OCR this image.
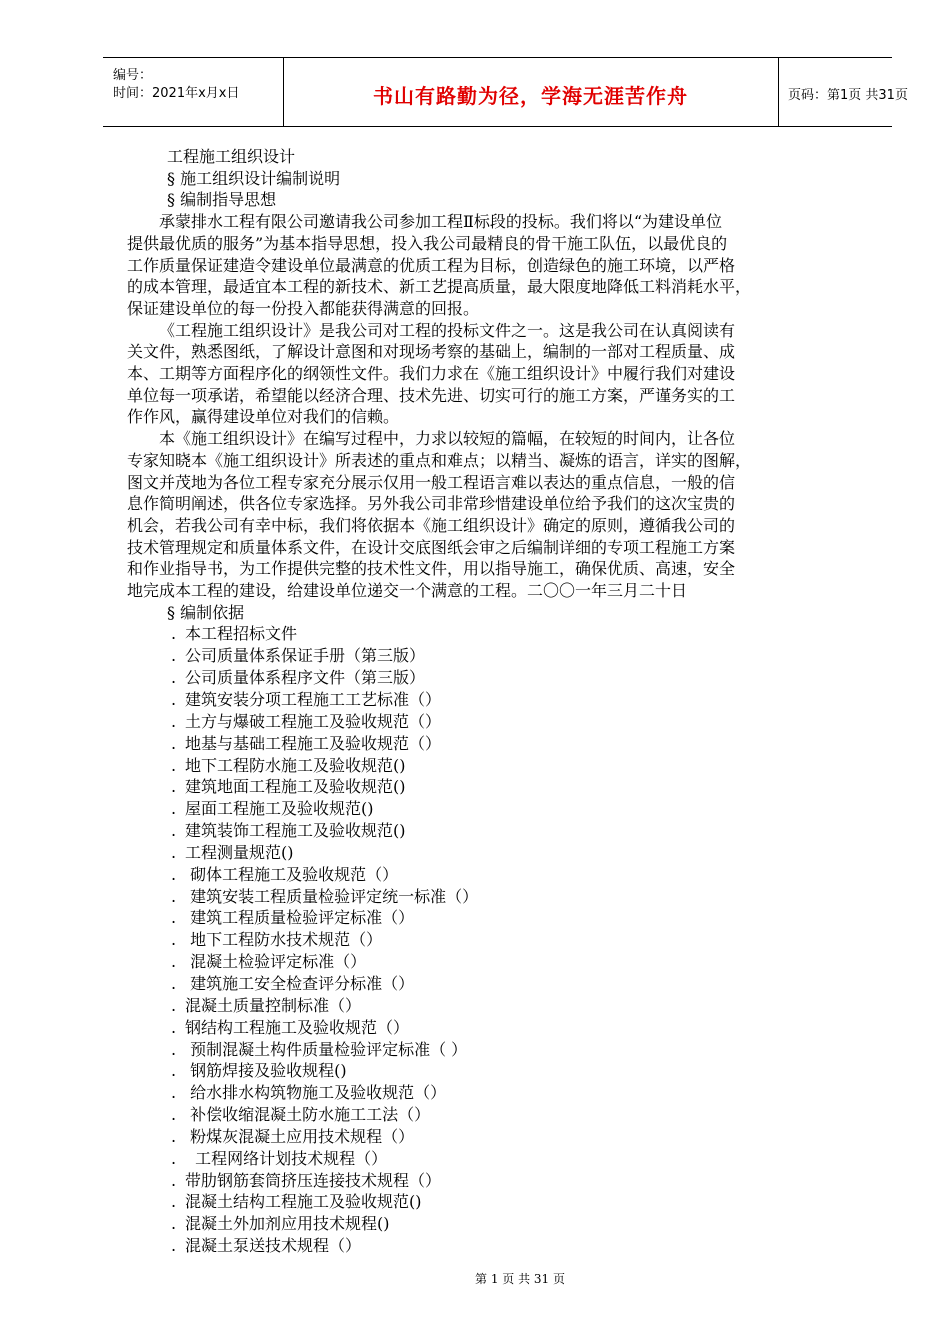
编号：
时间：2021年x月x日	书山有路勤为径，学海无涯苦作舟	页码：第1页 共31页
工程施工组织设计
§ 施工组织设计编制说明
§ 编制指导思想
承蒙排水工程有限公司邀请我公司参加工程Ⅱ标段的投标。我们将以“为建设单位
提供最优质的服务”为基本指导思想，投入我公司最精良的骨干施工队伍，以最优良的
工作质量保证建造令建设单位最满意的优质工程为目标，创造绿色的施工环境，以严格
的成本管理，最适宜本工程的新技术、新工艺提高质量，最大限度地降低工料消耗水平，
保证建设单位的每一份投入都能获得满意的回报。
《工程施工组织设计》是我公司对工程的投标文件之一。这是我公司在认真阅读有
关文件，熟悉图纸，了解设计意图和对现场考察的基础上，编制的一部对工程质量、成
本、工期等方面程序化的纲领性文件。我们力求在《施工组织设计》中履行我们对建设
单位每一项承诺，希望能以经济合理、技术先进、切实可行的施工方案，严谨务实的工
作作风，赢得建设单位对我们的信赖。
本《施工组织设计》在编写过程中，力求以较短的篇幅，在较短的时间内，让各位
专家知晓本《施工组织设计》所表述的重点和难点；以精当、凝炼的语言，详实的图解，
图文并茂地为各位工程专家充分展示仅用一般工程语言难以表达的重点信息，一般的信
息作简明阐述，供各位专家选择。另外我公司非常珍惜建设单位给予我们的这次宝贵的
机会，若我公司有幸中标，我们将依据本《施工组织设计》确定的原则，遵循我公司的
技术管理规定和质量体系文件，在设计交底图纸会审之后编制详细的专项工程施工方案
和作业指导书，为工作提供完整的技术性文件，用以指导施工，确保优质、高速，安全
地完成本工程的建设，给建设单位递交一个满意的工程。二〇〇一年三月二十日
§ 编制依据
. 本工程招标文件
. 公司质量体系保证手册（第三版）
. 公司质量体系程序文件（第三版）
. 建筑安装分项工程施工工艺标准（）
. 土方与爆破工程施工及验收规范（）
. 地基与基础工程施工及验收规范（）
. 地下工程防水施工及验收规范()
. 建筑地面工程施工及验收规范()
. 屋面工程施工及验收规范()
. 建筑装饰工程施工及验收规范()
. 工程测量规范()
. 砌体工程施工及验收规范（）
. 建筑安装工程质量检验评定统一标准（）
. 建筑工程质量检验评定标准（）
. 地下工程防水技术规范（）
. 混凝土检验评定标准（）
. 建筑施工安全检查评分标准（）
. 混凝土质量控制标准（）
. 钢结构工程施工及验收规范（）
. 预制混凝土构件质量检验评定标准（ ）
. 钢筋焊接及验收规程()
. 给水排水构筑物施工及验收规范（）
. 补偿收缩混凝土防水施工工法（）
. 粉煤灰混凝土应用技术规程（）
.  工程网络计划技术规程（）
. 带肋钢筋套筒挤压连接技术规程（）
. 混凝土结构工程施工及验收规范()
. 混凝土外加剂应用技术规程()
. 混凝土泵送技术规程（）
第 1 页 共 31 页
